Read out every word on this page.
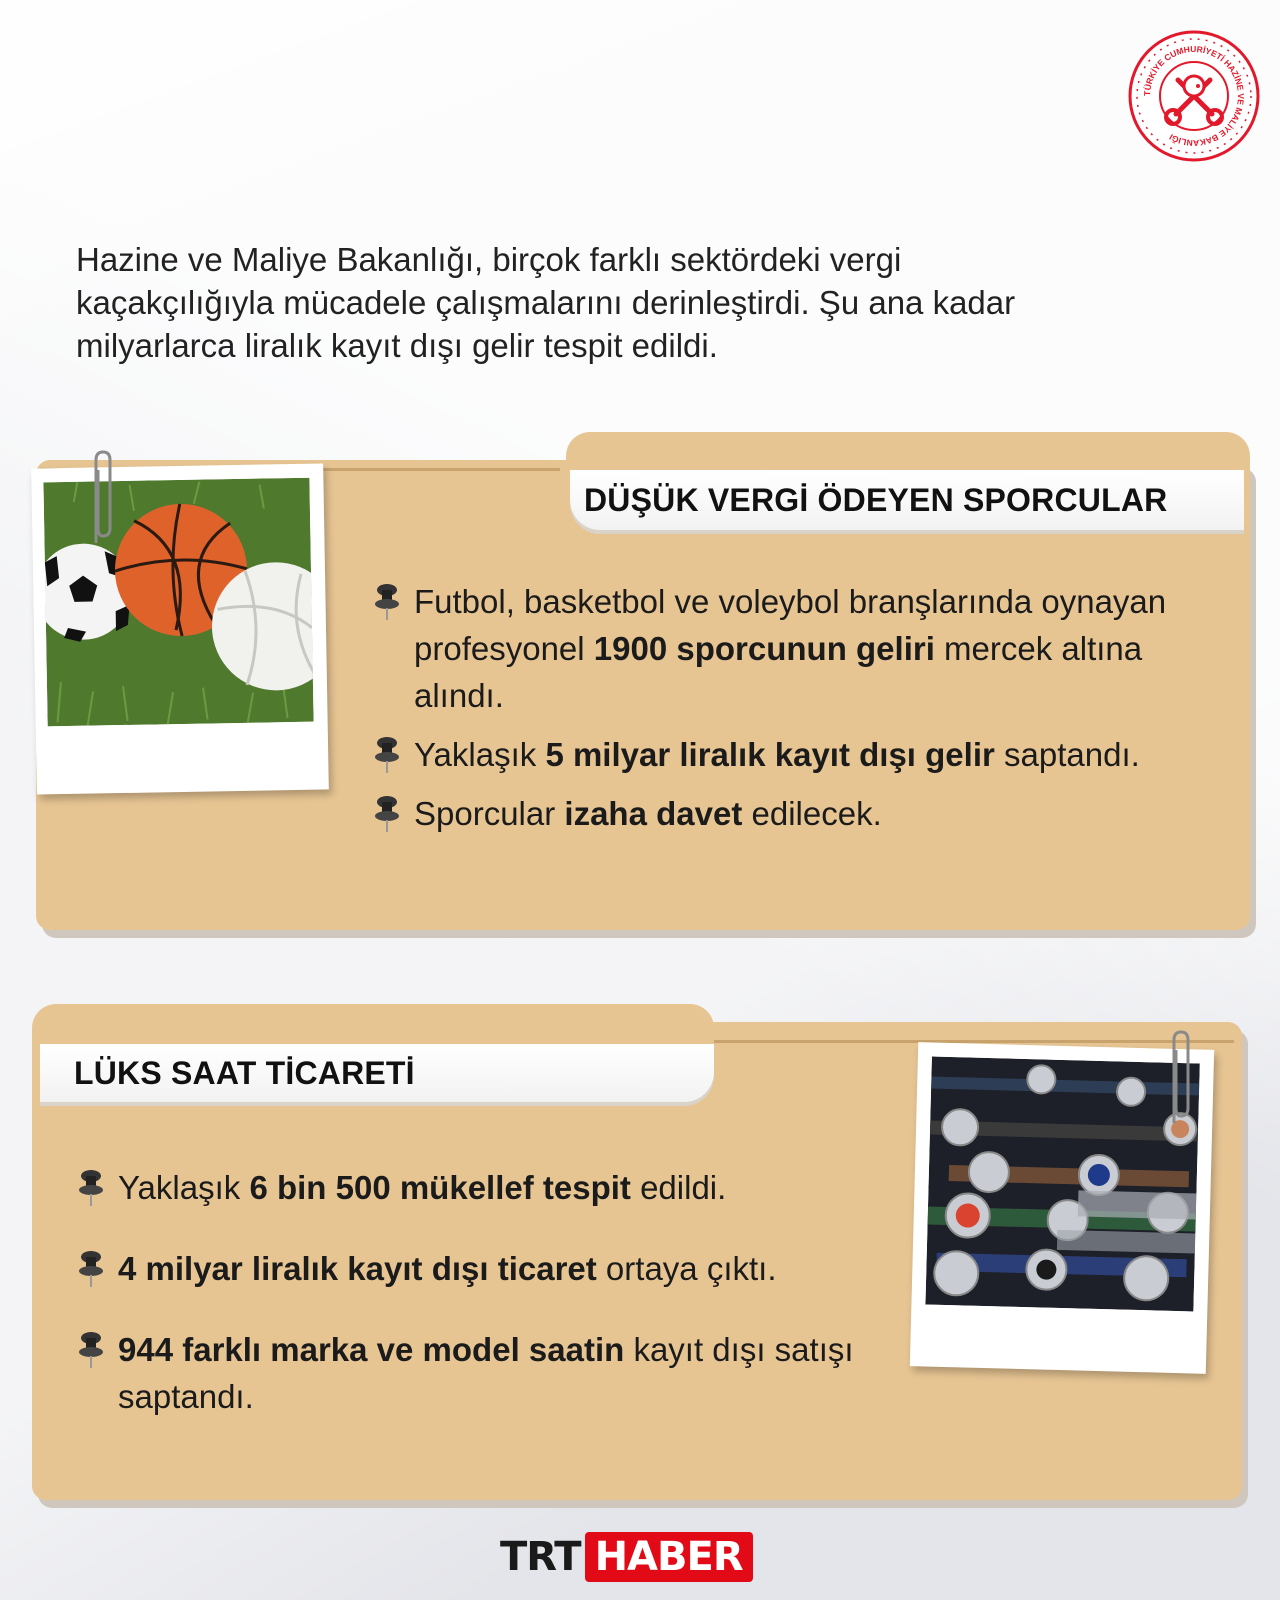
TÜRKİYE CUMHURİYETİ HAZİNE VE MALİYE BAKANLIĞI
Hazine ve Maliye Bakanlığı, birçok farklı sektördeki vergi
kaçakçılığıyla mücadele çalışmalarını derinleştirdi. Şu ana kadar
milyarlarca liralık kayıt dışı gelir tespit edildi.
DÜŞÜK VERGİ ÖDEYEN SPORCULAR
Futbol, basketbol ve voleybol branşlarında oynayan profesyonel 1900 sporcunun geliri mercek altına alındı.
Yaklaşık 5 milyar liralık kayıt dışı gelir saptandı.
Sporcular izaha davet edilecek.
LÜKS SAAT TİCARETİ
Yaklaşık 6 bin 500 mükellef tespit edildi.
4 milyar liralık kayıt dışı ticaret ortaya çıktı.
944 farklı marka ve model saatin kayıt dışı satışı saptandı.
TRT HABER
